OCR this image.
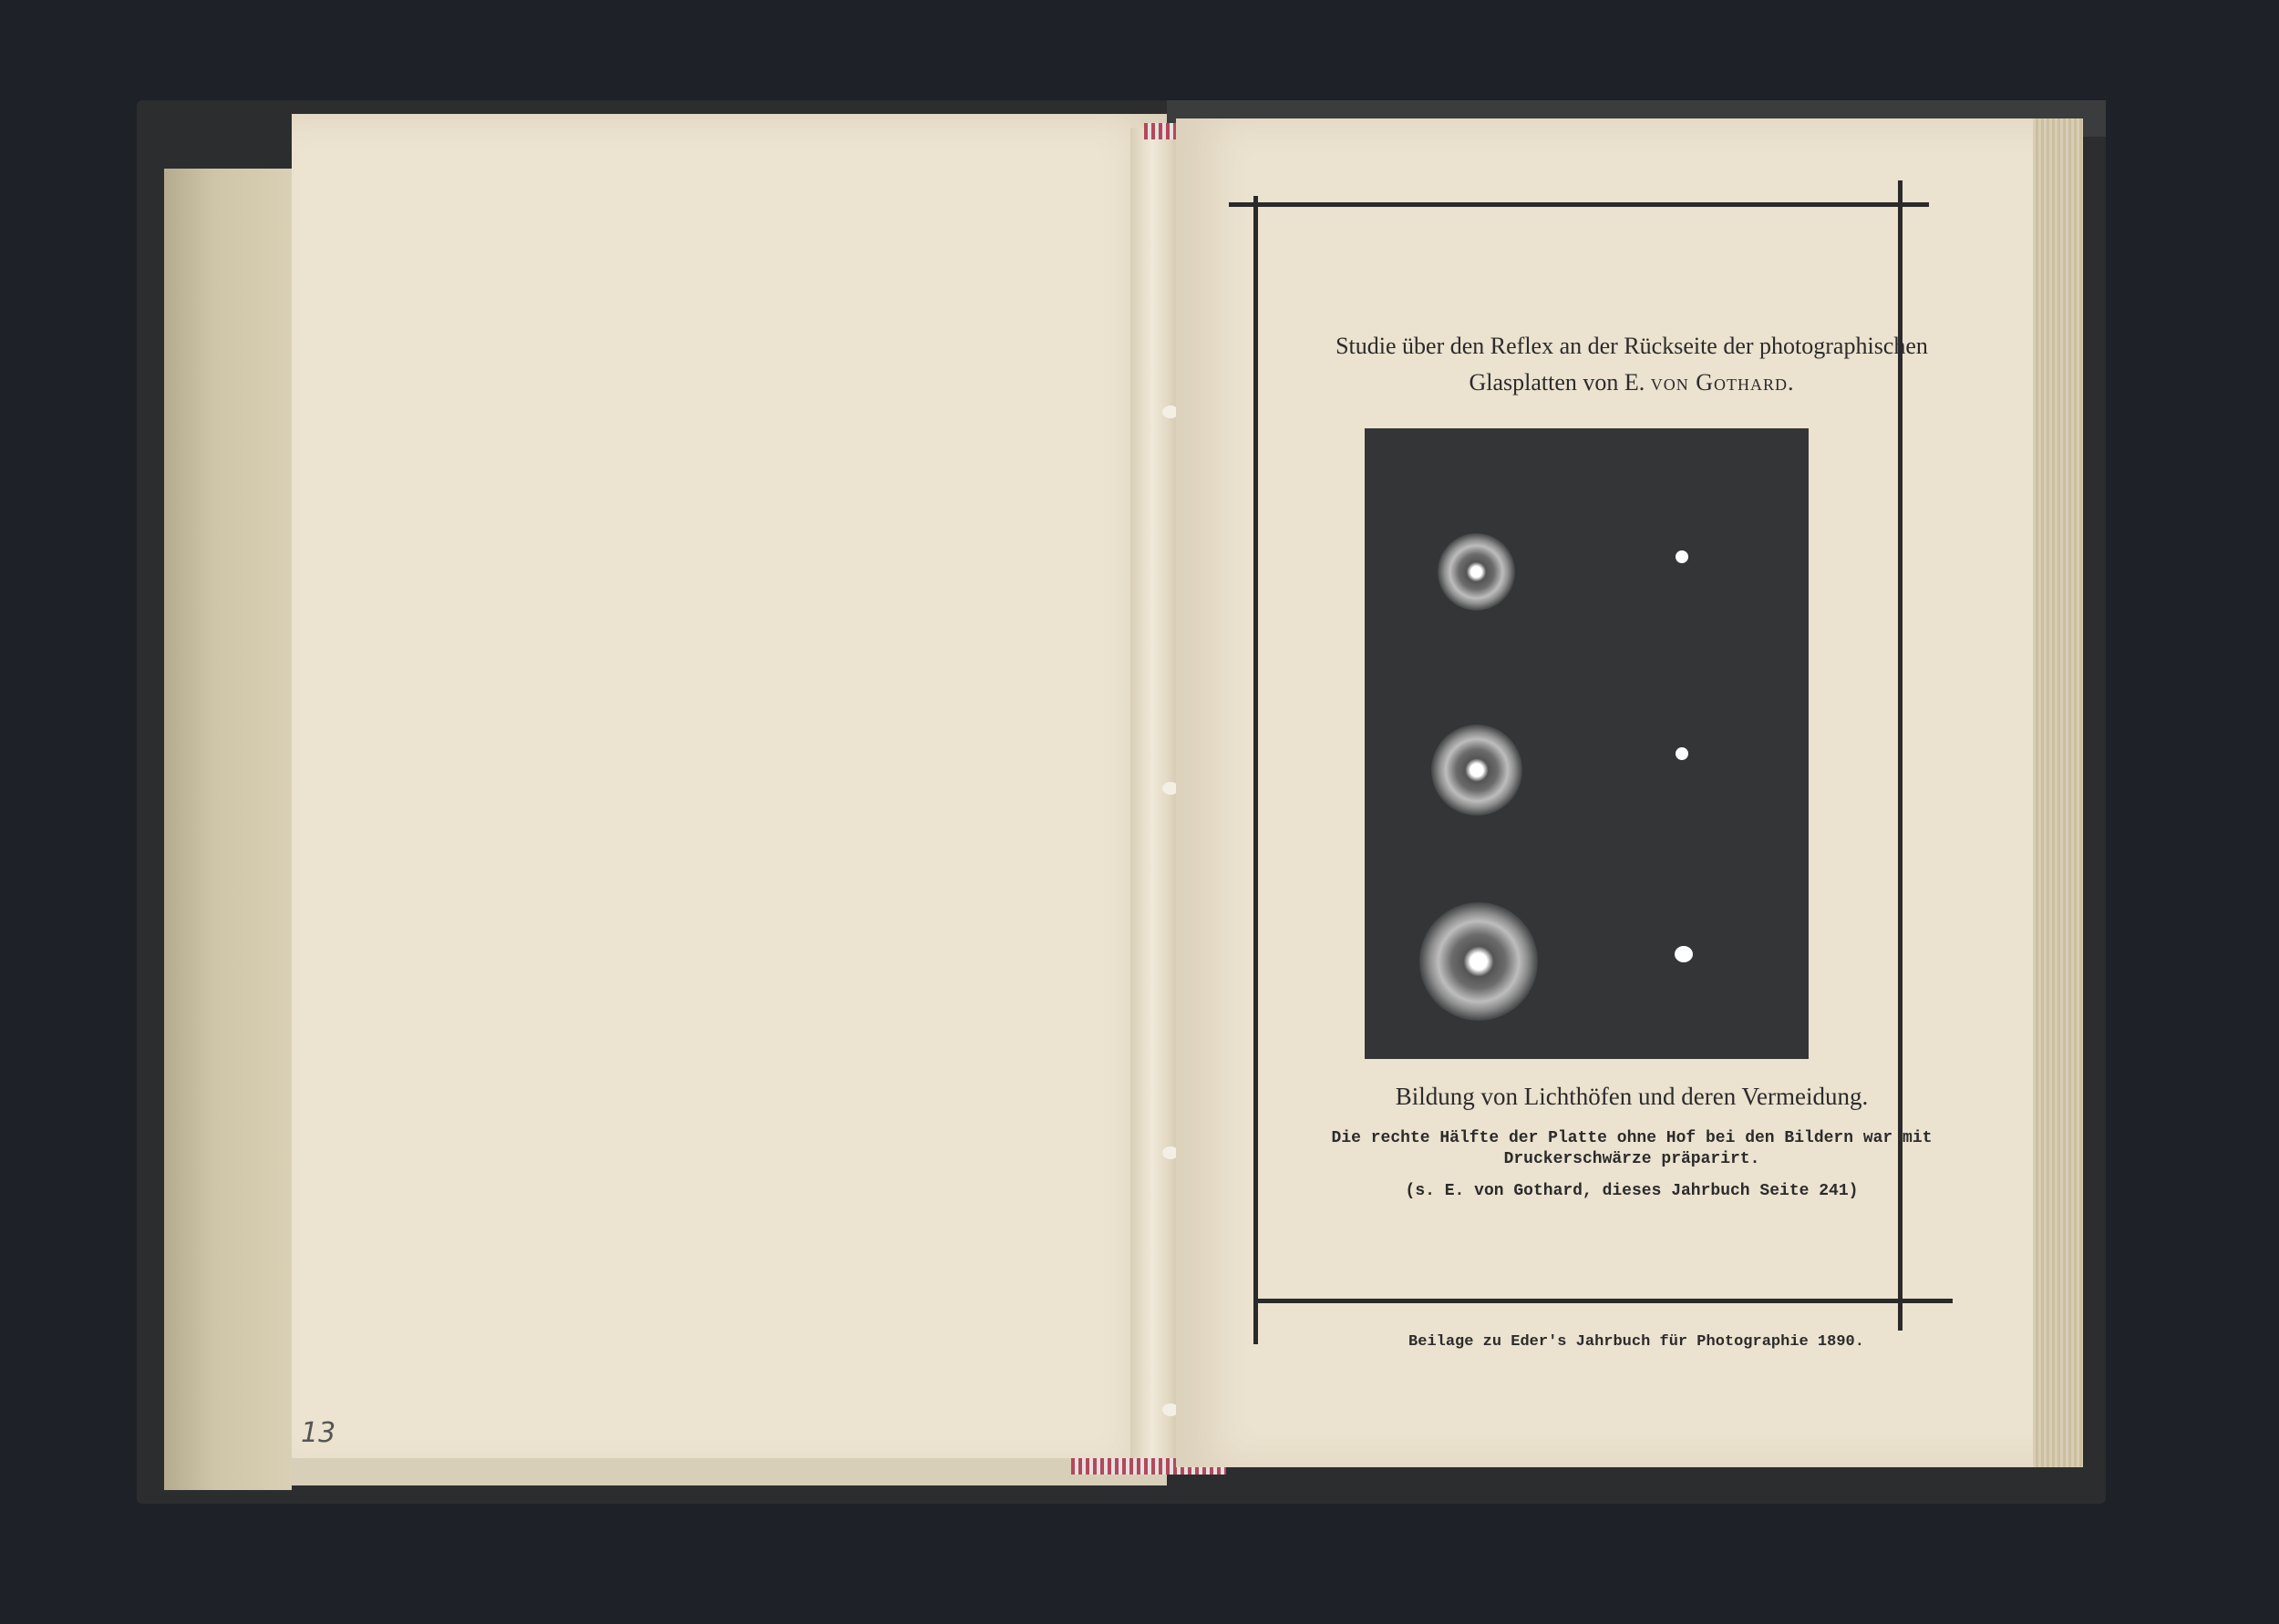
13
Studie über den Reflex an der Rückseite der photographischen
Glasplatten von E. von Gothard.
Bildung von Lichthöfen und deren Vermeidung.
Die rechte Hälfte der Platte ohne Hof bei den Bildern war mit Druckerschwärze präparirt.
(s. E. von Gothard, dieses Jahrbuch Seite 241)
Beilage zu Eder's Jahrbuch für Photographie 1890.
